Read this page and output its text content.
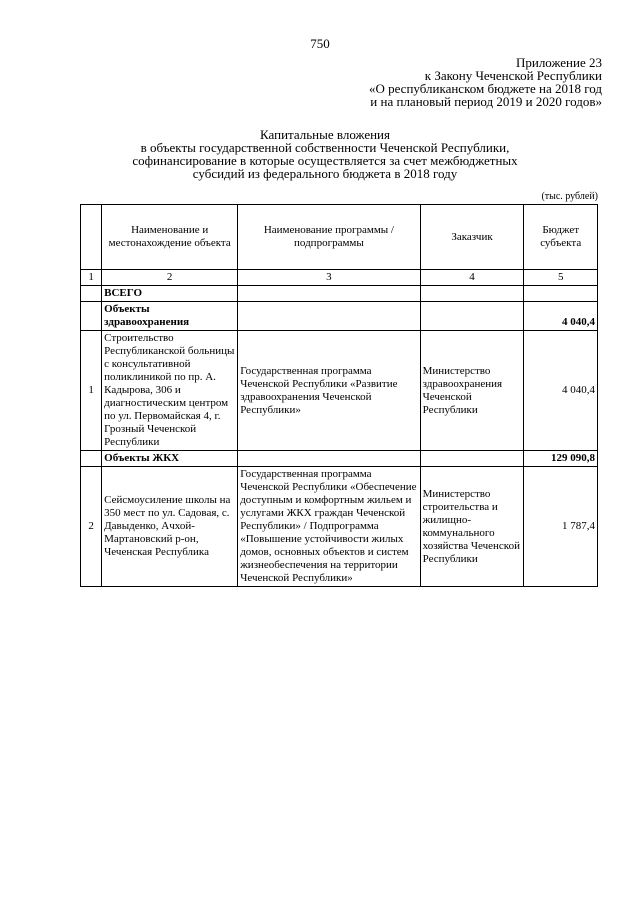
750
Приложение 23
к Закону Чеченской Республики
«О республиканском бюджете на 2018 год
и на плановый период 2019 и 2020 годов»
Капитальные вложения
в объекты государственной собственности Чеченской Республики,
софинансирование в которые осуществляется за счет межбюджетных
субсидий из федерального бюджета в 2018 году
(тыс. рублей)
	Наименование и местонахождение объекта	Наименование программы / подпрограммы	Заказчик	Бюджет субъекта
1	2	3	4	5
	ВСЕГО			
	Объекты здравоохранения			4 040,4
1	Строительство Республиканской больницы с консультативной поликлиникой по пр. А. Кадырова, 306 и диагностическим центром по ул. Первомайская 4, г. Грозный Чеченской Республики	Государственная программа Чеченской Республики «Развитие здравоохранения Чеченской Республики»	Министерство здравоохранения Чеченской Республики	4 040,4
	Объекты ЖКХ			129 090,8
2	Сейсмоусиление школы на 350 мест по ул. Садовая, с. Давыденко, Ачхой-Мартановский р-он, Чеченская Республика	Государственная программа Чеченской Республики «Обеспечение доступным и комфортным жильем и услугами ЖКХ граждан Чеченской Республики» / Подпрограмма «Повышение устойчивости жилых домов, основных объектов и систем жизнеобеспечения на территории Чеченской Республики»	Министерство строительства и жилищно-коммунального хозяйства Чеченской Республики	1 787,4
